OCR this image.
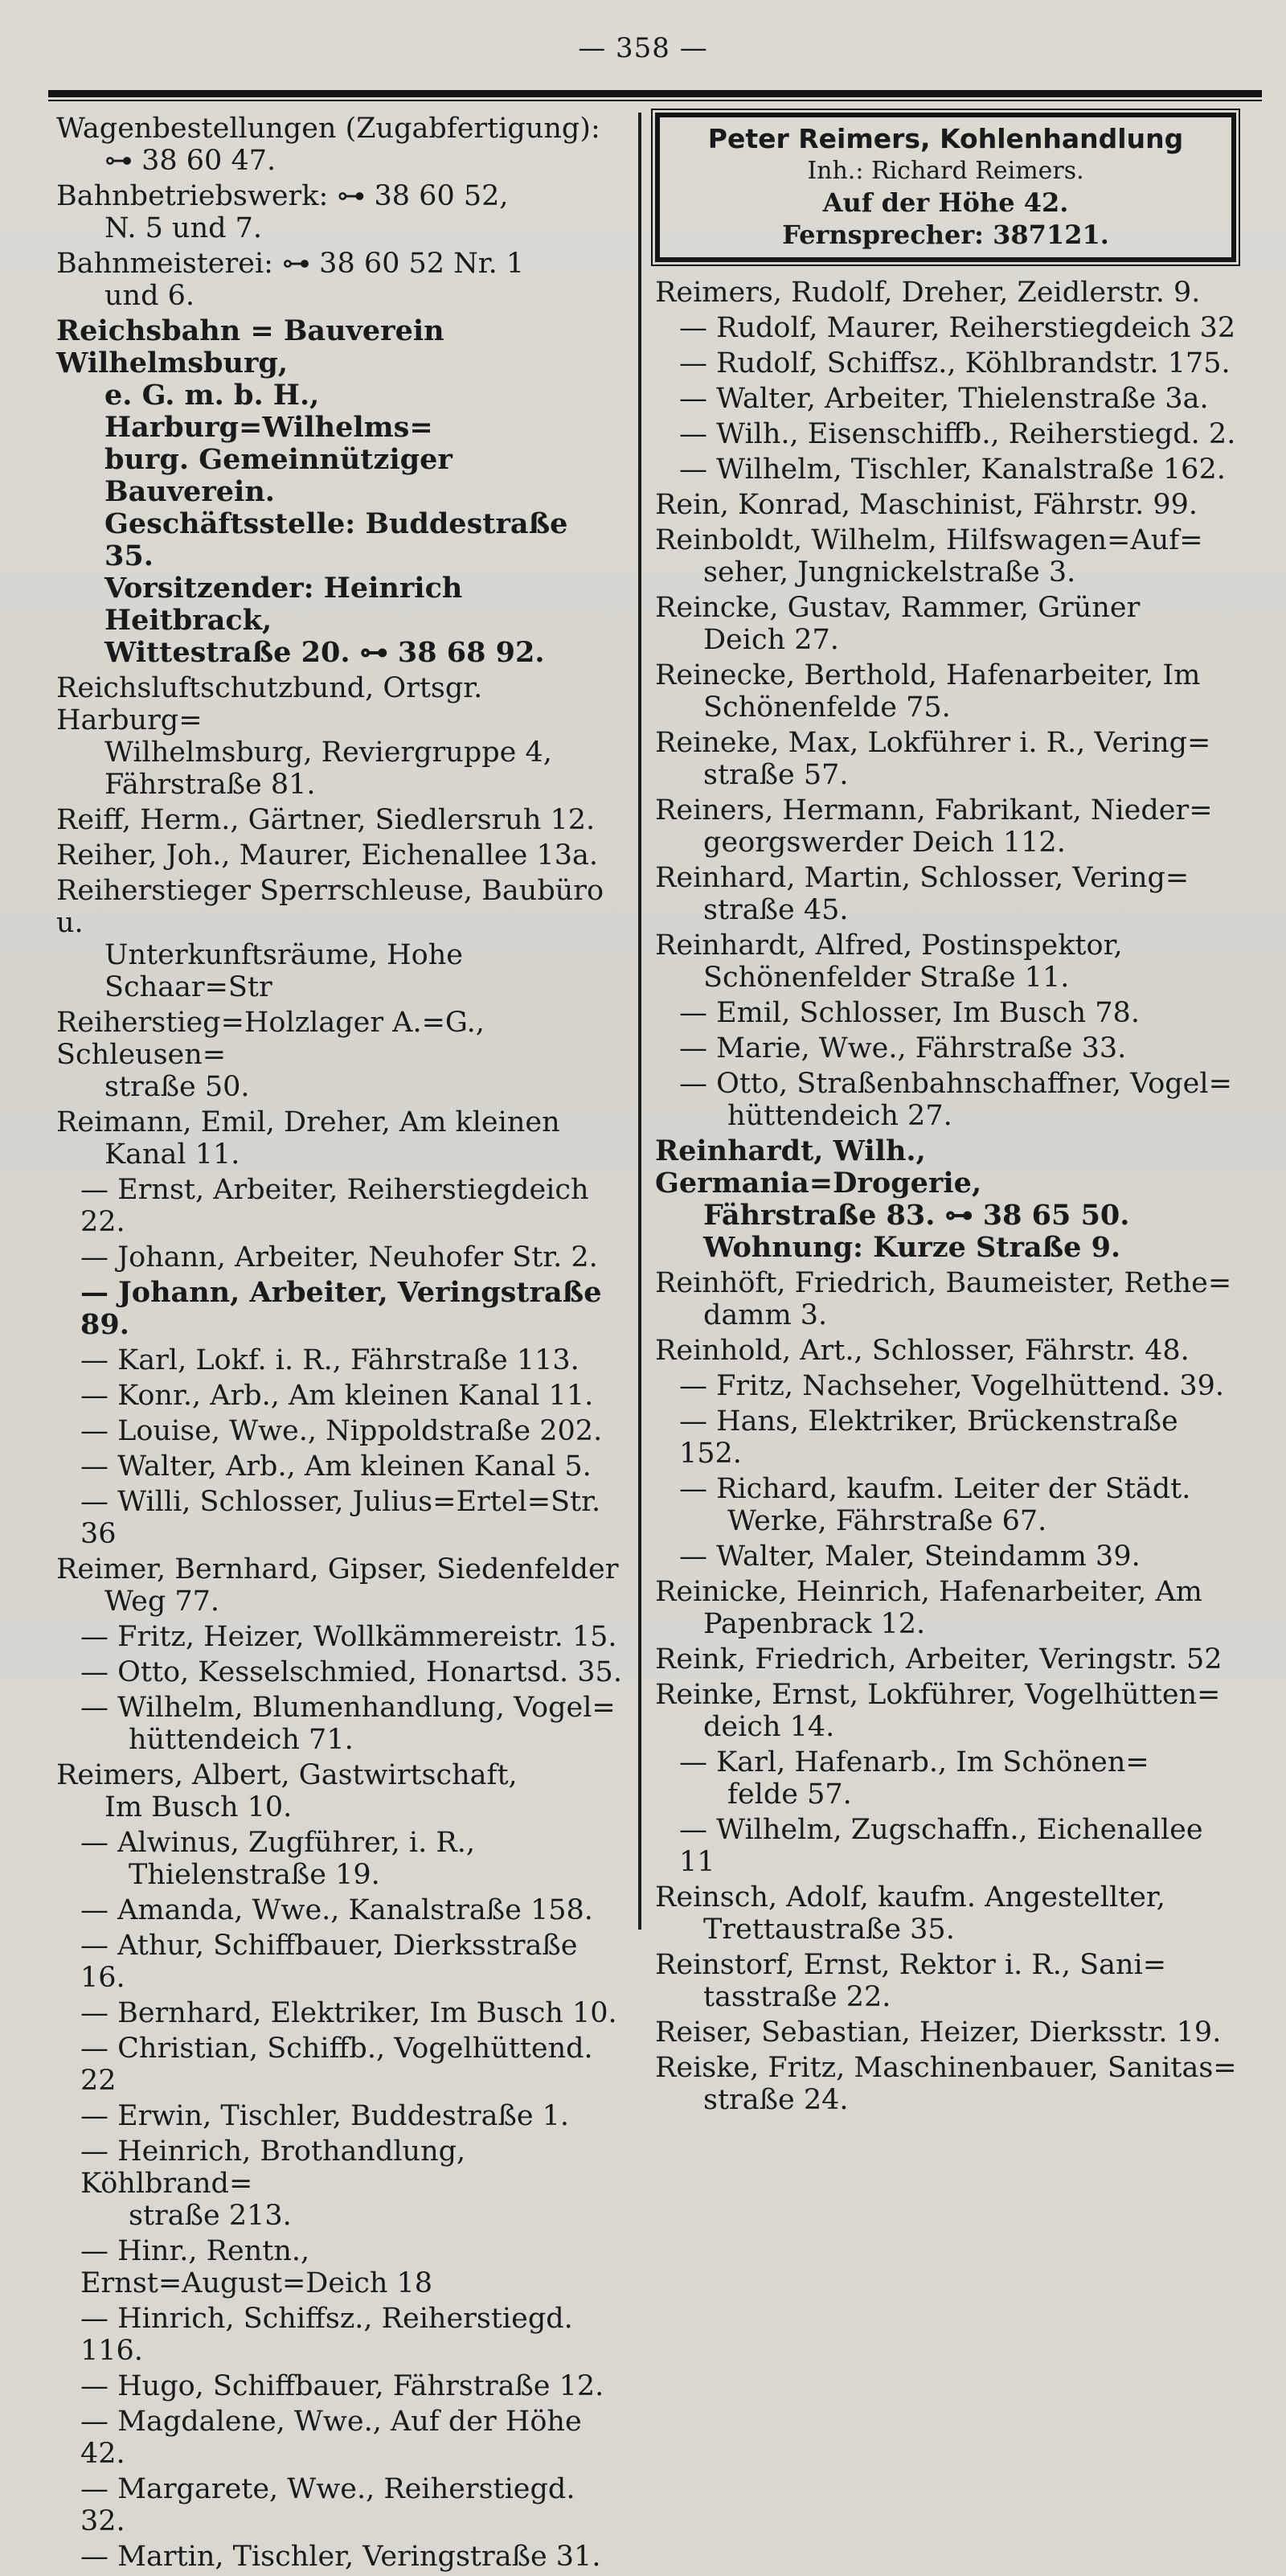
— 358 —
Wagenbestellungen (Zugabfertigung):
⊶ 38 60 47.
Bahnbetriebswerk: ⊶ 38 60 52,
N. 5 und 7.
Bahnmeisterei: ⊶ 38 60 52 Nr. 1
und 6.
Reichsbahn = Bauverein Wilhelmsburg,
e. G. m. b. H., Harburg=Wilhelms=
burg. Gemeinnütziger Bauverein.
Geschäftsstelle: Buddestraße 35.
Vorsitzender: Heinrich Heitbrack,
Wittestraße 20. ⊶ 38 68 92.
Reichsluftschutzbund, Ortsgr. Harburg=
Wilhelmsburg, Reviergruppe 4,
Fährstraße 81.
Reiff, Herm., Gärtner, Siedlersruh 12.
Reiher, Joh., Maurer, Eichenallee 13a.
Reiherstieger Sperrschleuse, Baubüro u.
Unterkunftsräume, Hohe Schaar=Str
Reiherstieg=Holzlager A.=G., Schleusen=
straße 50.
Reimann, Emil, Dreher, Am kleinen
Kanal 11.
— Ernst, Arbeiter, Reiherstiegdeich 22.
— Johann, Arbeiter, Neuhofer Str. 2.
— Johann, Arbeiter, Veringstraße 89.
— Karl, Lokf. i. R., Fährstraße 113.
— Konr., Arb., Am kleinen Kanal 11.
— Louise, Wwe., Nippoldstraße 202.
— Walter, Arb., Am kleinen Kanal 5.
— Willi, Schlosser, Julius=Ertel=Str. 36
Reimer, Bernhard, Gipser, Siedenfelder
Weg 77.
— Fritz, Heizer, Wollkämmereistr. 15.
— Otto, Kesselschmied, Honartsd. 35.
— Wilhelm, Blumenhandlung, Vogel=
hüttendeich 71.
Reimers, Albert, Gastwirtschaft,
Im Busch 10.
— Alwinus, Zugführer, i. R.,
Thielenstraße 19.
— Amanda, Wwe., Kanalstraße 158.
— Athur, Schiffbauer, Dierksstraße 16.
— Bernhard, Elektriker, Im Busch 10.
— Christian, Schiffb., Vogelhüttend. 22
— Erwin, Tischler, Buddestraße 1.
— Heinrich, Brothandlung, Köhlbrand=
straße 213.
— Hinr., Rentn., Ernst=August=Deich 18
— Hinrich, Schiffsz., Reiherstiegd. 116.
— Hugo, Schiffbauer, Fährstraße 12.
— Magdalene, Wwe., Auf der Höhe 42.
— Margarete, Wwe., Reiherstiegd. 32.
— Martin, Tischler, Veringstraße 31.
Peter Reimers, Kohlenhandlung
Inh.: Richard Reimers.
Auf der Höhe 42.
Fernsprecher: 387121.
Reimers, Rudolf, Dreher, Zeidlerstr. 9.
— Rudolf, Maurer, Reiherstiegdeich 32
— Rudolf, Schiffsz., Köhlbrandstr. 175.
— Walter, Arbeiter, Thielenstraße 3a.
— Wilh., Eisenschiffb., Reiherstiegd. 2.
— Wilhelm, Tischler, Kanalstraße 162.
Rein, Konrad, Maschinist, Fährstr. 99.
Reinboldt, Wilhelm, Hilfswagen=Auf=
seher, Jungnickelstraße 3.
Reincke, Gustav, Rammer, Grüner
Deich 27.
Reinecke, Berthold, Hafenarbeiter, Im
Schönenfelde 75.
Reineke, Max, Lokführer i. R., Vering=
straße 57.
Reiners, Hermann, Fabrikant, Nieder=
georgswerder Deich 112.
Reinhard, Martin, Schlosser, Vering=
straße 45.
Reinhardt, Alfred, Postinspektor,
Schönenfelder Straße 11.
— Emil, Schlosser, Im Busch 78.
— Marie, Wwe., Fährstraße 33.
— Otto, Straßenbahnschaffner, Vogel=
hüttendeich 27.
Reinhardt, Wilh., Germania=Drogerie,
Fährstraße 83. ⊶ 38 65 50.
Wohnung: Kurze Straße 9.
Reinhöft, Friedrich, Baumeister, Rethe=
damm 3.
Reinhold, Art., Schlosser, Fährstr. 48.
— Fritz, Nachseher, Vogelhüttend. 39.
— Hans, Elektriker, Brückenstraße 152.
— Richard, kaufm. Leiter der Städt.
Werke, Fährstraße 67.
— Walter, Maler, Steindamm 39.
Reinicke, Heinrich, Hafenarbeiter, Am
Papenbrack 12.
Reink, Friedrich, Arbeiter, Veringstr. 52
Reinke, Ernst, Lokführer, Vogelhütten=
deich 14.
— Karl, Hafenarb., Im Schönen=
felde 57.
— Wilhelm, Zugschaffn., Eichenallee 11
Reinsch, Adolf, kaufm. Angestellter,
Trettaustraße 35.
Reinstorf, Ernst, Rektor i. R., Sani=
tasstraße 22.
Reiser, Sebastian, Heizer, Dierksstr. 19.
Reiske, Fritz, Maschinenbauer, Sanitas=
straße 24.
